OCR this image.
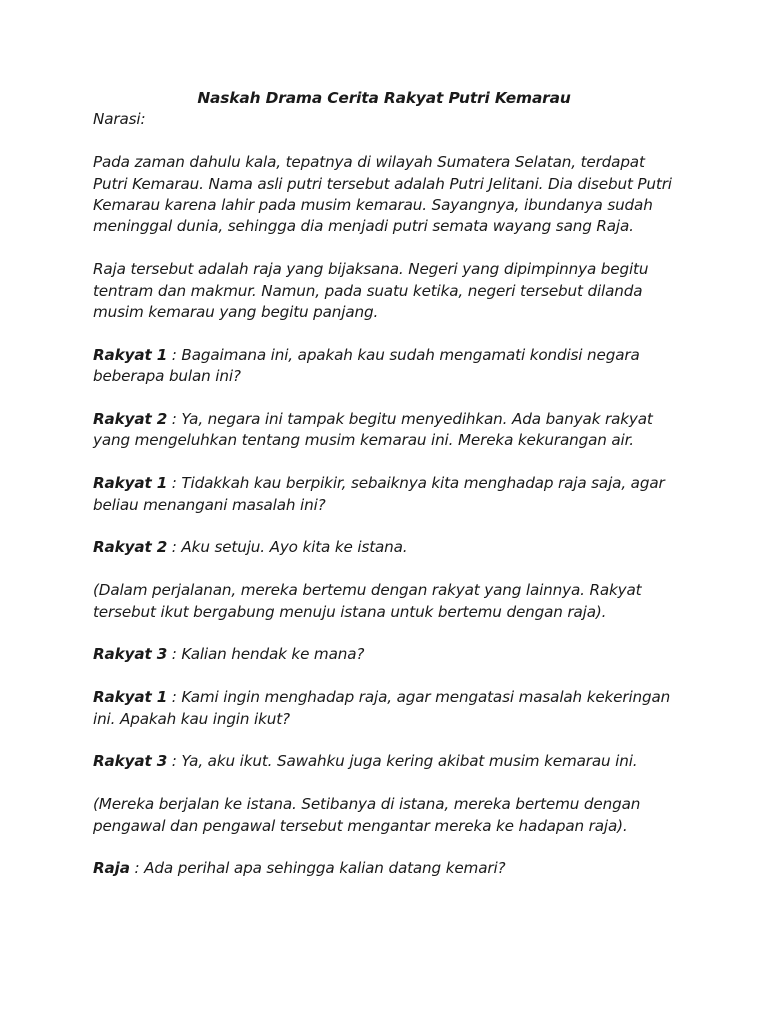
Naskah Drama Cerita Rakyat Putri Kemarau

Narasi:

Pada zaman dahulu kala, tepatnya di wilayah Sumatera Selatan, terdapat Putri Kemarau. Nama asli putri tersebut adalah Putri Jelitani. Dia disebut Putri Kemarau karena lahir pada musim kemarau. Sayangnya, ibundanya sudah meninggal dunia, sehingga dia menjadi putri semata wayang sang Raja.

Raja tersebut adalah raja yang bijaksana. Negeri yang dipimpinnya begitu tentram dan makmur. Namun, pada suatu ketika, negeri tersebut dilanda musim kemarau yang begitu panjang.

Rakyat 1 : Bagaimana ini, apakah kau sudah mengamati kondisi negara beberapa bulan ini?

Rakyat 2 : Ya, negara ini tampak begitu menyedihkan. Ada banyak rakyat yang mengeluhkan tentang musim kemarau ini. Mereka kekurangan air.

Rakyat 1 : Tidakkah kau berpikir, sebaiknya kita menghadap raja saja, agar beliau menangani masalah ini?

Rakyat 2 : Aku setuju. Ayo kita ke istana.

(Dalam perjalanan, mereka bertemu dengan rakyat yang lainnya. Rakyat tersebut ikut bergabung menuju istana untuk bertemu dengan raja).

Rakyat 3 : Kalian hendak ke mana?

Rakyat 1 : Kami ingin menghadap raja, agar mengatasi masalah kekeringan ini. Apakah kau ingin ikut?

Rakyat 3 : Ya, aku ikut. Sawahku juga kering akibat musim kemarau ini.

(Mereka berjalan ke istana. Setibanya di istana, mereka bertemu dengan pengawal dan pengawal tersebut mengantar mereka ke hadapan raja).

Raja : Ada perihal apa sehingga kalian datang kemari?
